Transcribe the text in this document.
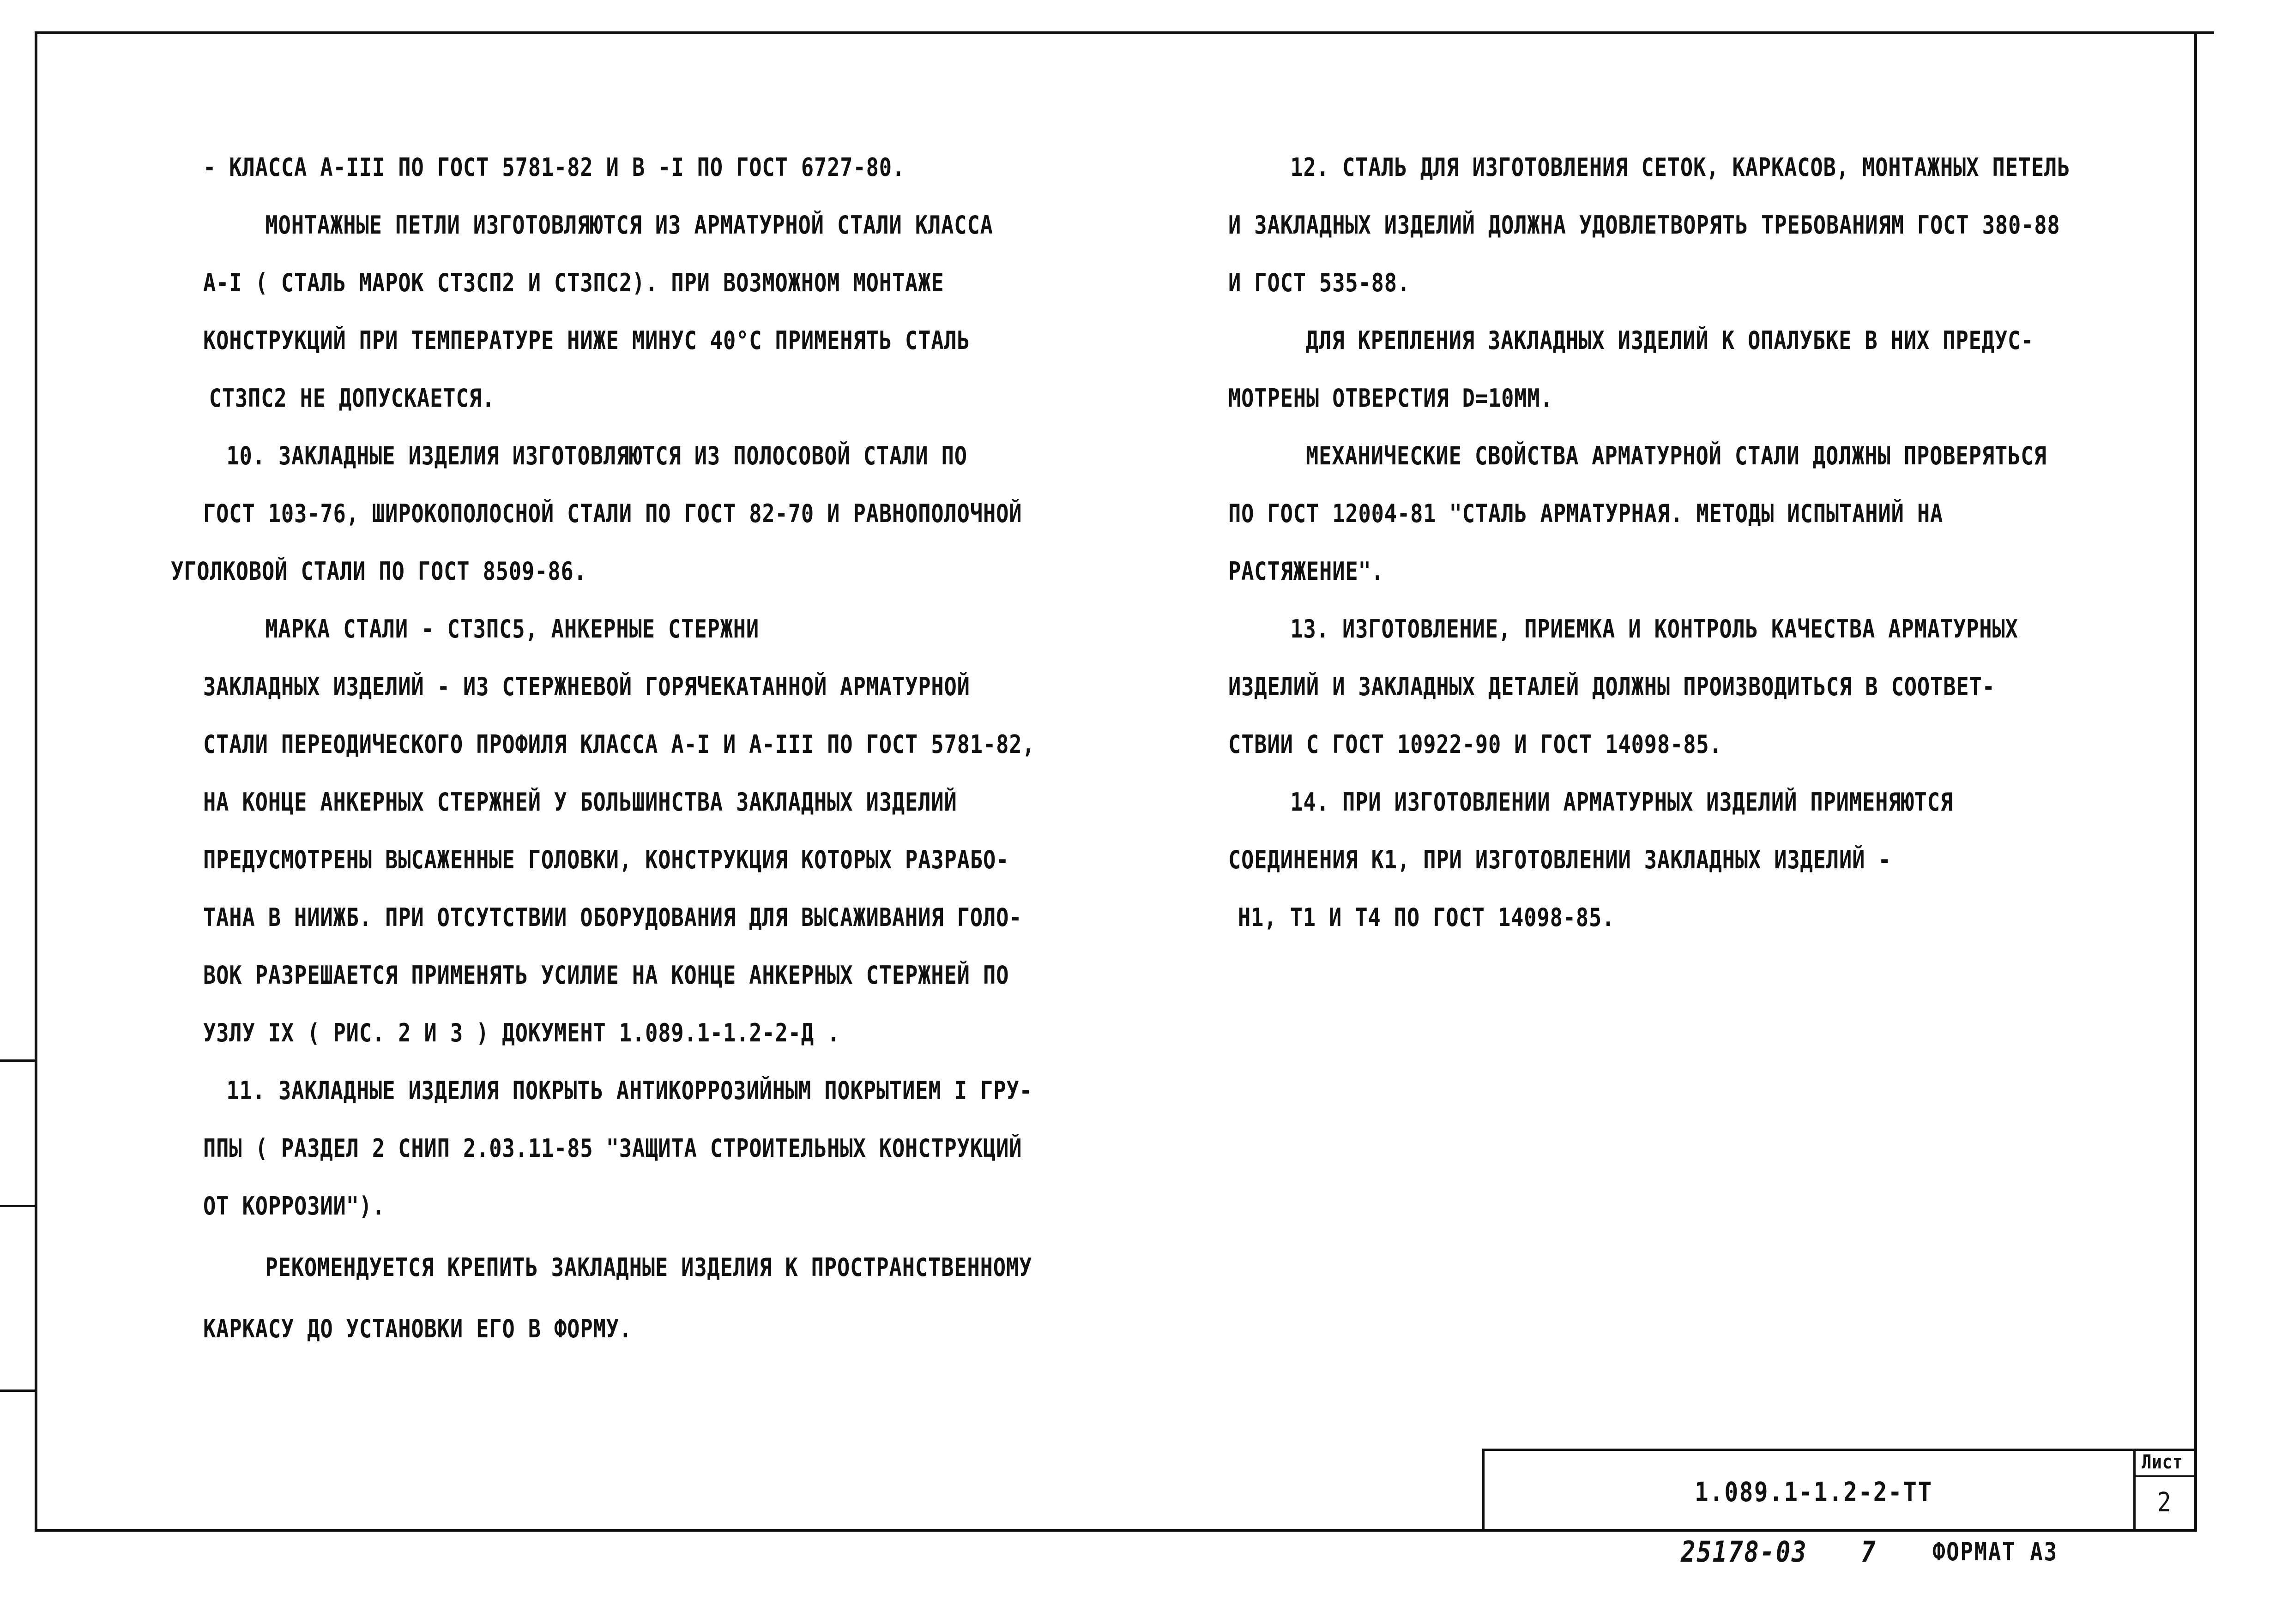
- КЛАССА А-III ПО ГОСТ 5781-82 И В -I ПО ГОСТ 6727-80.
МОНТАЖНЫЕ ПЕТЛИ ИЗГОТОВЛЯЮТСЯ ИЗ АРМАТУРНОЙ СТАЛИ КЛАССА
А-I ( СТАЛЬ МАРОК СТ3СП2 И СТ3ПС2). ПРИ ВОЗМОЖНОМ МОНТАЖЕ
КОНСТРУКЦИЙ ПРИ ТЕМПЕРАТУРЕ НИЖЕ МИНУС 40°С ПРИМЕНЯТЬ СТАЛЬ
СТ3ПС2 НЕ ДОПУСКАЕТСЯ.
10. ЗАКЛАДНЫЕ ИЗДЕЛИЯ ИЗГОТОВЛЯЮТСЯ ИЗ ПОЛОСОВОЙ СТАЛИ ПО
ГОСТ 103-76, ШИРОКОПОЛОСНОЙ СТАЛИ ПО ГОСТ 82-70 И РАВНОПОЛОЧНОЙ
УГОЛКОВОЙ СТАЛИ ПО ГОСТ 8509-86.
МАРКА СТАЛИ - СТ3ПС5, АНКЕРНЫЕ СТЕРЖНИ
ЗАКЛАДНЫХ ИЗДЕЛИЙ - ИЗ СТЕРЖНЕВОЙ ГОРЯЧЕКАТАННОЙ АРМАТУРНОЙ
СТАЛИ ПЕРЕОДИЧЕСКОГО ПРОФИЛЯ КЛАССА А-I И А-III ПО ГОСТ 5781-82,
НА КОНЦЕ АНКЕРНЫХ СТЕРЖНЕЙ У БОЛЬШИНСТВА ЗАКЛАДНЫХ ИЗДЕЛИЙ
ПРЕДУСМОТРЕНЫ ВЫСАЖЕННЫЕ ГОЛОВКИ, КОНСТРУКЦИЯ КОТОРЫХ РАЗРАБО-
ТАНА В НИИЖБ. ПРИ ОТСУТСТВИИ ОБОРУДОВАНИЯ ДЛЯ ВЫСАЖИВАНИЯ ГОЛО-
ВОК РАЗРЕШАЕТСЯ ПРИМЕНЯТЬ УСИЛИЕ НА КОНЦЕ АНКЕРНЫХ СТЕРЖНЕЙ ПО
УЗЛУ IX ( РИС. 2 И 3 ) ДОКУМЕНТ 1.089.1-1.2-2-Д .
11. ЗАКЛАДНЫЕ ИЗДЕЛИЯ ПОКРЫТЬ АНТИКОРРОЗИЙНЫМ ПОКРЫТИЕМ I ГРУ-
ППЫ ( РАЗДЕЛ 2 СНИП 2.03.11-85 "ЗАЩИТА СТРОИТЕЛЬНЫХ КОНСТРУКЦИЙ
ОТ КОРРОЗИИ").
РЕКОМЕНДУЕТСЯ КРЕПИТЬ ЗАКЛАДНЫЕ ИЗДЕЛИЯ К ПРОСТРАНСТВЕННОМУ
КАРКАСУ ДО УСТАНОВКИ ЕГО В ФОРМУ.
12. СТАЛЬ ДЛЯ ИЗГОТОВЛЕНИЯ СЕТОК, КАРКАСОВ, МОНТАЖНЫХ ПЕТЕЛЬ
И ЗАКЛАДНЫХ ИЗДЕЛИЙ ДОЛЖНА УДОВЛЕТВОРЯТЬ ТРЕБОВАНИЯМ ГОСТ 380-88
И ГОСТ 535-88.
ДЛЯ КРЕПЛЕНИЯ ЗАКЛАДНЫХ ИЗДЕЛИЙ К ОПАЛУБКЕ В НИХ ПРЕДУС-
МОТРЕНЫ ОТВЕРСТИЯ D=10ММ.
МЕХАНИЧЕСКИЕ СВОЙСТВА АРМАТУРНОЙ СТАЛИ ДОЛЖНЫ ПРОВЕРЯТЬСЯ
ПО ГОСТ 12004-81 "СТАЛЬ АРМАТУРНАЯ. МЕТОДЫ ИСПЫТАНИЙ НА
РАСТЯЖЕНИЕ".
13. ИЗГОТОВЛЕНИЕ, ПРИЕМКА И КОНТРОЛЬ КАЧЕСТВА АРМАТУРНЫХ
ИЗДЕЛИЙ И ЗАКЛАДНЫХ ДЕТАЛЕЙ ДОЛЖНЫ ПРОИЗВОДИТЬСЯ В СООТВЕТ-
СТВИИ С ГОСТ 10922-90 И ГОСТ 14098-85.
14. ПРИ ИЗГОТОВЛЕНИИ АРМАТУРНЫХ ИЗДЕЛИЙ ПРИМЕНЯЮТСЯ
СОЕДИНЕНИЯ К1, ПРИ ИЗГОТОВЛЕНИИ ЗАКЛАДНЫХ ИЗДЕЛИЙ -
Н1, Т1 И Т4 ПО ГОСТ 14098-85.
1.089.1-1.2-2-ТТ
Лист
2
25178-03 7 ФОРМАТ А3
